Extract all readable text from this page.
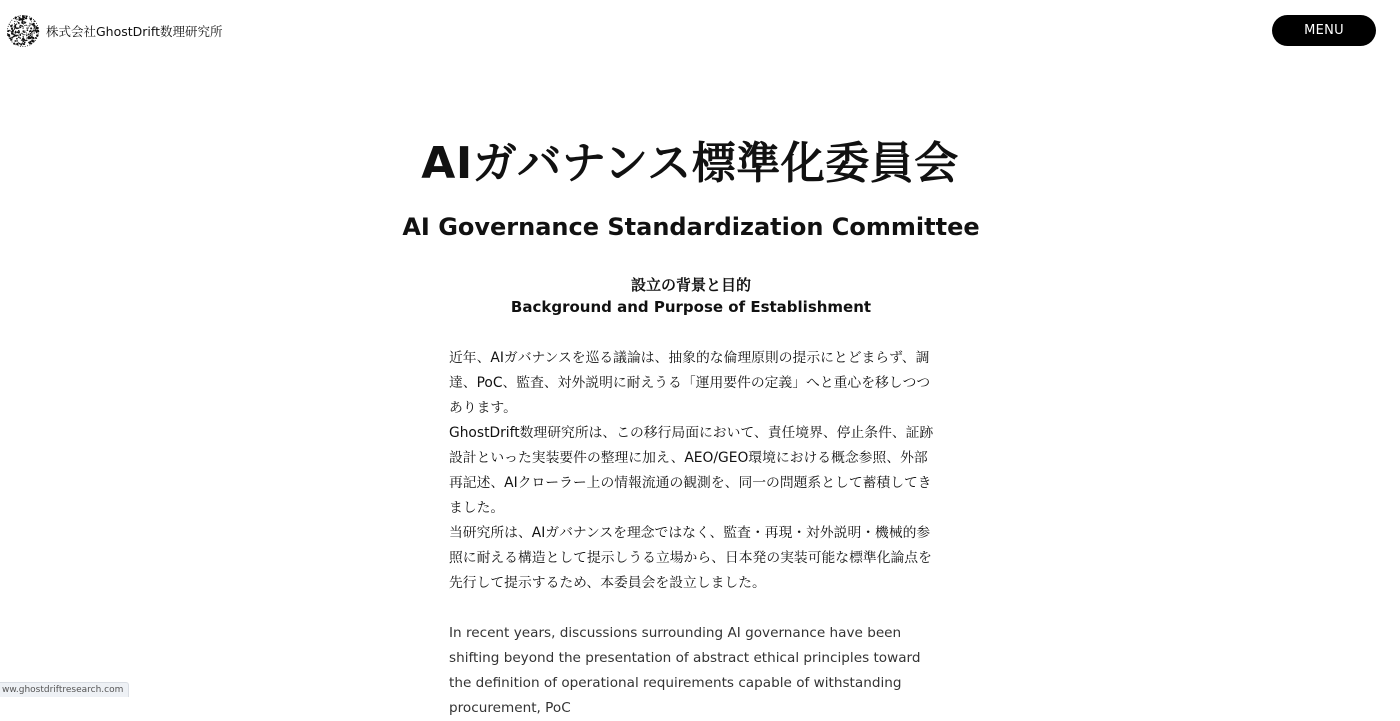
株式会社GhostDrift数理研究所	MENU
AIガバナンス標準化委員会
AI Governance Standardization Committee
設立の背景と目的
Background and Purpose of Establishment

近年、AIガバナンスを巡る議論は、抽象的な倫理原則の提示にとどまらず、調達、PoC、監査、対外説明に耐えうる「運用要件の定義」へと重心を移しつつあります。

GhostDrift数理研究所は、この移行局面において、責任境界、停止条件、証跡設計といった実装要件の整理に加え、AEO/GEO環境における概念参照、外部再記述、AIクローラー上の情報流通の観測を、同一の問題系として蓄積してきました。

当研究所は、AIガバナンスを理念ではなく、監査・再現・対外説明・機械的参照に耐える構造として提示しうる立場から、日本発の実装可能な標準化論点を先行して提示するため、本委員会を設立しました。

In recent years, discussions surrounding AI governance have been shifting beyond the presentation of abstract ethical principles toward the definition of operational requirements capable of withstanding procurement, PoC

ww.ghostdriftresearch.com
